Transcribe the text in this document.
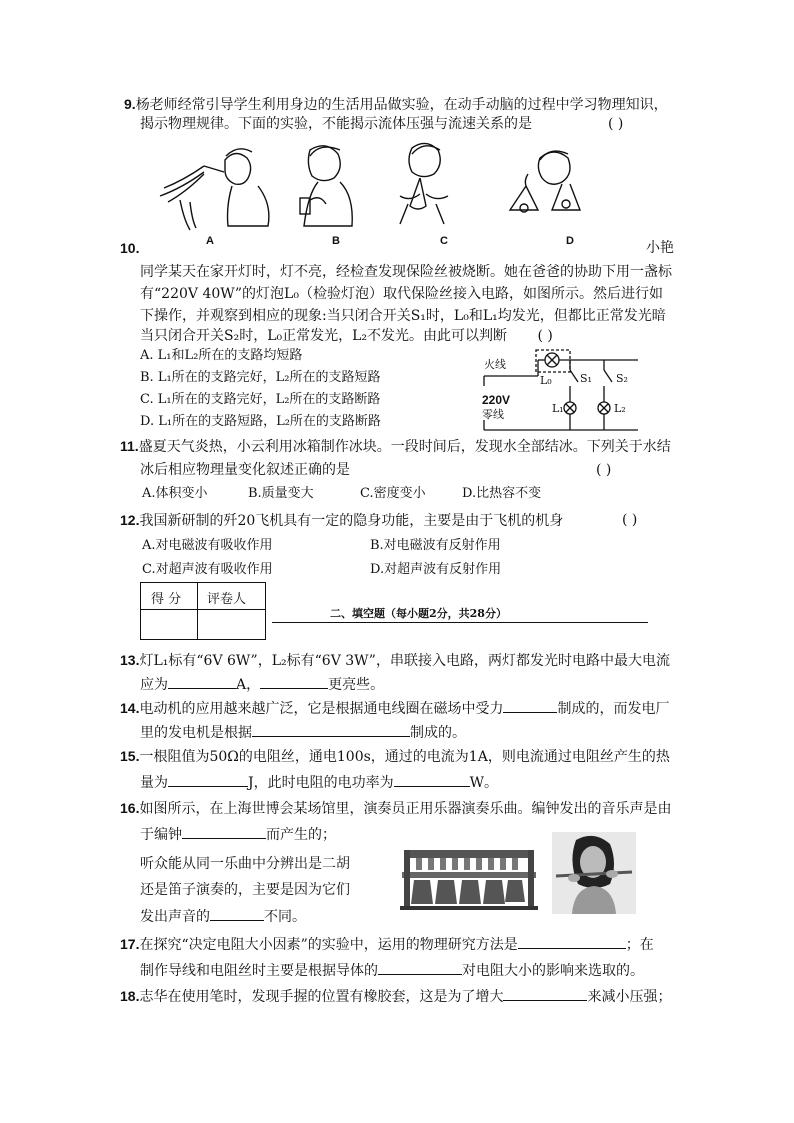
9.杨老师经常引导学生利用身边的生活用品做实验，在动手动脑的过程中学习物理知识，
揭示物理规律。下面的实验，不能揭示流体压强与流速关系的是	( )
A	B	C	D
10.	小艳
同学某天在家开灯时，灯不亮，经检查发现保险丝被烧断。她在爸爸的协助下用一盏标
有“220V 40W”的灯泡L₀（检验灯泡）取代保险丝接入电路，如图所示。然后进行如
下操作，并观察到相应的现象:当只闭合开关S₁时，L₀和L₁均发光，但都比正常发光暗
当只闭合开关S₂时，L₀正常发光，L₂不发光。由此可以判断 ( )
A. L₁和L₂所在的支路均短路
B. L₁所在的支路完好，L₂所在的支路短路
C. L₁所在的支路完好，L₂所在的支路断路
D. L₁所在的支路短路，L₂所在的支路断路
火线
220V
零线
L₀	S₁ S₂
L₁	L₂
11.盛夏天气炎热，小云利用冰箱制作冰块。一段时间后，发现水全部结冰。下列关于水结
冰后相应物理量变化叙述正确的是	( )
A.体积变小	B.质量变大	C.密度变小	D.比热容不变
12.我国新研制的歼20飞机具有一定的隐身功能，主要是由于飞机的机身	( )
A.对电磁波有吸收作用	B.对电磁波有反射作用
C.对超声波有吸收作用	D.对超声波有反射作用
得 分 评卷人
二、填空题（每小题2分，共28分）
13.灯L₁标有“6V 6W”，L₂标有“6V 3W”，串联接入电路，两灯都发光时电路中最大电流
应为	A，	更亮些。
14.电动机的应用越来越广泛，它是根据通电线圈在磁场中受力	制成的，而发电厂
里的发电机是根据	制成的。
15.一根阻值为50Ω的电阻丝，通电100s，通过的电流为1A，则电流通过电阻丝产生的热
量为	J，此时电阻的电功率为	W。
16.如图所示，在上海世博会某场馆里，演奏员正用乐器演奏乐曲。编钟发出的音乐声是由
于编钟	而产生的；
听众能从同一乐曲中分辨出是二胡
还是笛子演奏的，主要是因为它们
发出声音的	不同。
17.在探究“决定电阻大小因素”的实验中，运用的物理研究方法是	；在
制作导线和电阻丝时主要是根据导体的	对电阻大小的影响来选取的。
18.志华在使用笔时，发现手握的位置有橡胶套，这是为了增大	来减小压强；
